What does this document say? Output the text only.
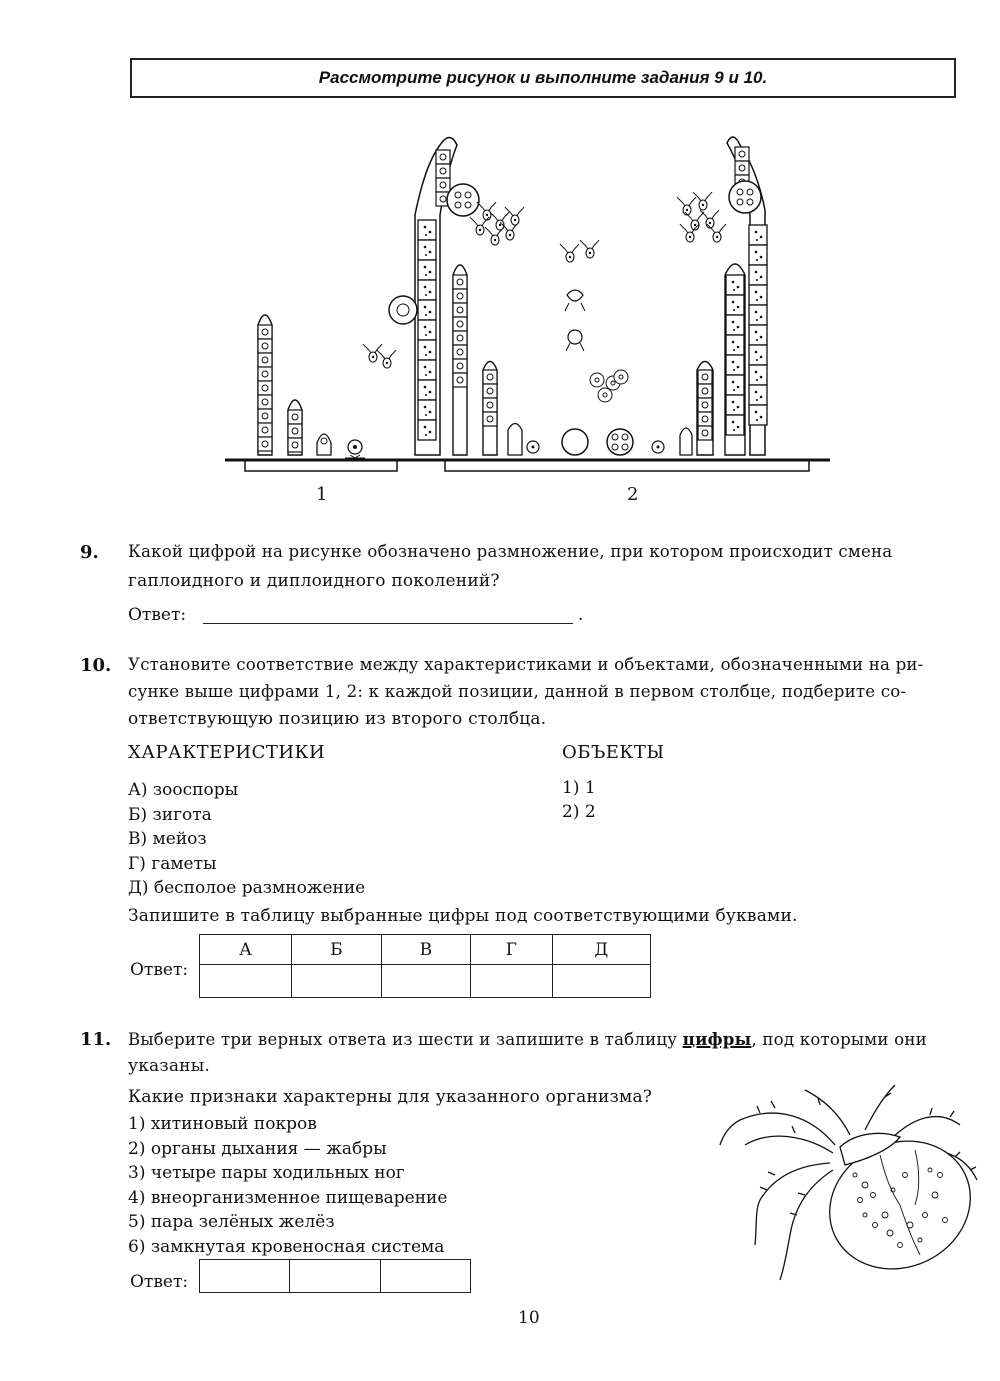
Рассмотрите рисунок и выполните задания 9 и 10.
1	2
9. Какой цифрой на рисунке обозначено размножение, при котором происходит смена
гаплоидного и диплоидного поколений?
Ответ:	.
10. Установите соответствие между характеристиками и объектами, обозначенными на ри-
сунке выше цифрами 1, 2: к каждой позиции, данной в первом столбце, подберите со-
ответствующую позицию из второго столбца.
ХАРАКТЕРИСТИКИ	ОБЪЕКТЫ
А) зооспоры
Б) зигота
В) мейоз
Г) гаметы
Д) бесполое размножение
1) 1
2) 2
Запишите в таблицу выбранные цифры под соответствующими буквами.
Ответ:
А	Б	В	Г	Д

11. Выберите три верных ответа из шести и запишите в таблицу цифры, под которыми они
указаны.
Какие признаки характерны для указанного организма?
1) хитиновый покров
2) органы дыхания — жабры
3) четыре пары ходильных ног
4) внеорганизменное пищеварение
5) пара зелёных желёз
6) замкнутая кровеносная система
Ответ:

10
